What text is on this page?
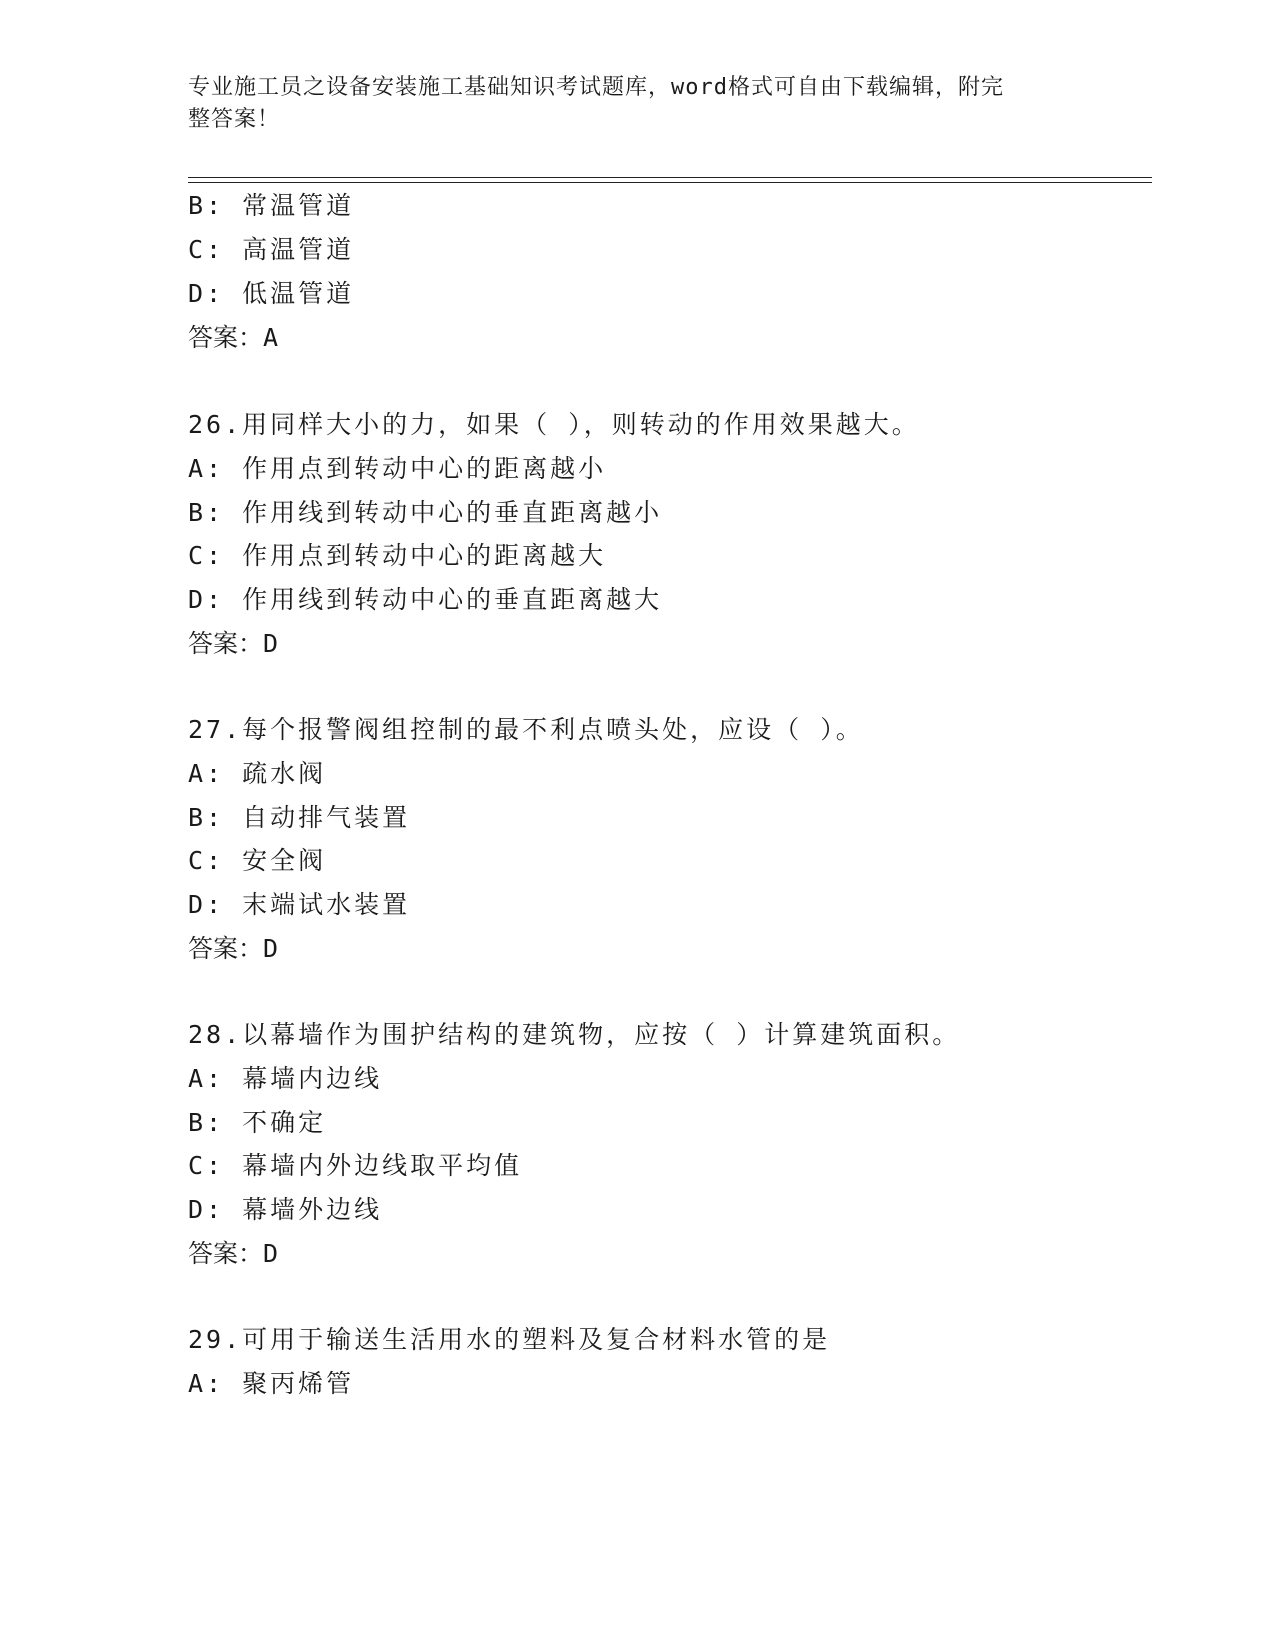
专业施工员之设备安装施工基础知识考试题库，word格式可自由下载编辑，附完
整答案！
B: 常温管道
C: 高温管道
D: 低温管道
答案：A
26.用同样大小的力，如果（ ），则转动的作用效果越大。
A: 作用点到转动中心的距离越小
B: 作用线到转动中心的垂直距离越小
C: 作用点到转动中心的距离越大
D: 作用线到转动中心的垂直距离越大
答案：D
27.每个报警阀组控制的最不利点喷头处，应设（ ）。
A: 疏水阀
B: 自动排气装置
C: 安全阀
D: 末端试水装置
答案：D
28.以幕墙作为围护结构的建筑物，应按（ ）计算建筑面积。
A: 幕墙内边线
B: 不确定
C: 幕墙内外边线取平均值
D: 幕墙外边线
答案：D
29.可用于输送生活用水的塑料及复合材料水管的是
A: 聚丙烯管
